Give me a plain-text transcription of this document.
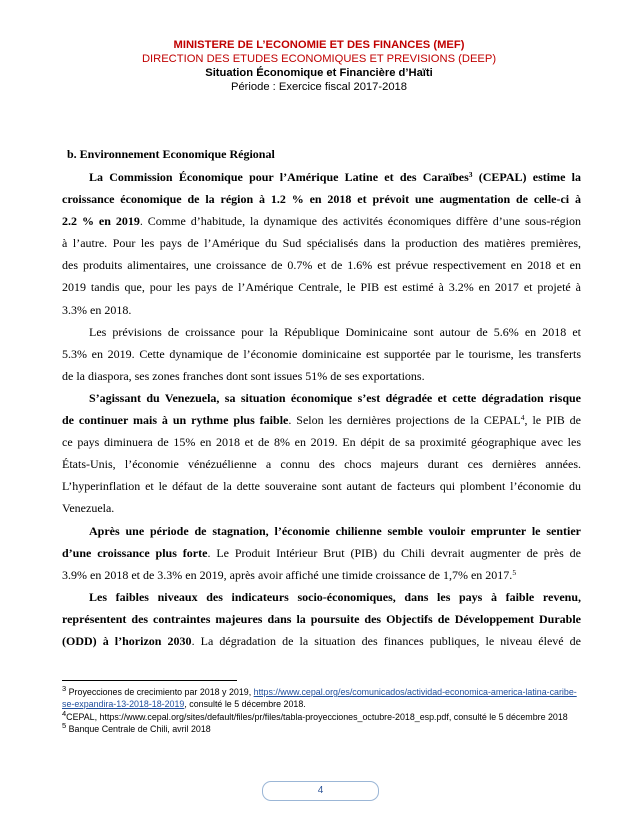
MINISTERE DE L’ECONOMIE ET DES FINANCES (MEF)
DIRECTION DES ETUDES ECONOMIQUES ET PREVISIONS (DEEP)
Situation Économique et Financière d’Haïti
Période : Exercice fiscal 2017-2018
b. Environnement Economique Régional
La Commission Économique pour l’Amérique Latine et des Caraïbes$^3$ (CEPAL) estime la
croissance économique de la région à 1.2 % en 2018 et prévoit une augmentation de celle-ci à
2.2 % en 2019. Comme d’habitude, la dynamique des activités économiques diffère d’une sous-région
à l’autre. Pour les pays de l’Amérique du Sud spécialisés dans la production des matières premières,
des produits alimentaires, une croissance de 0.7% et de 1.6% est prévue respectivement en 2018 et en
2019 tandis que, pour les pays de l’Amérique Centrale, le PIB est estimé à 3.2% en 2017 et projeté à
3.3% en 2018.
Les prévisions de croissance pour la République Dominicaine sont autour de 5.6% en 2018 et
5.3% en 2019. Cette dynamique de l’économie dominicaine est supportée par le tourisme, les transferts
de la diaspora, ses zones franches dont sont issues 51% de ses exportations.
S’agissant du Venezuela, sa situation économique s’est dégradée et cette dégradation risque
de continuer mais à un rythme plus faible. Selon les dernières projections de la CEPAL$^4$, le PIB de
ce pays diminuera de 15% en 2018 et de 8% en 2019. En dépit de sa proximité géographique avec les
États-Unis, l’économie vénézuélienne a connu des chocs majeurs durant ces dernières années.
L’hyperinflation et le défaut de la dette souveraine sont autant de facteurs qui plombent l’économie du
Venezuela.
Après une période de stagnation, l’économie chilienne semble vouloir emprunter le sentier
d’une croissance plus forte. Le Produit Intérieur Brut (PIB) du Chili devrait augmenter de près de
3.9% en 2018 et de 3.3% en 2019, après avoir affiché une timide croissance de 1,7% en 2017.$^5$
Les faibles niveaux des indicateurs socio-économiques, dans les pays à faible revenu,
représentent des contraintes majeures dans la poursuite des Objectifs de Développement Durable
(ODD) à l’horizon 2030. La dégradation de la situation des finances publiques, le niveau élevé de
$^3$ Proyecciones de crecimiento par 2018 y 2019, https://www.cepal.org/es/comunicados/actividad-economica-america-latina-caribe-se-expandira-13-2018-18-2019, consulté le 5 décembre 2018.
$^4$CEPAL, https://www.cepal.org/sites/default/files/pr/files/tabla-proyecciones_octubre-2018_esp.pdf, consulté le 5 décembre 2018
$^5$ Banque Centrale de Chili, avril 2018
4
